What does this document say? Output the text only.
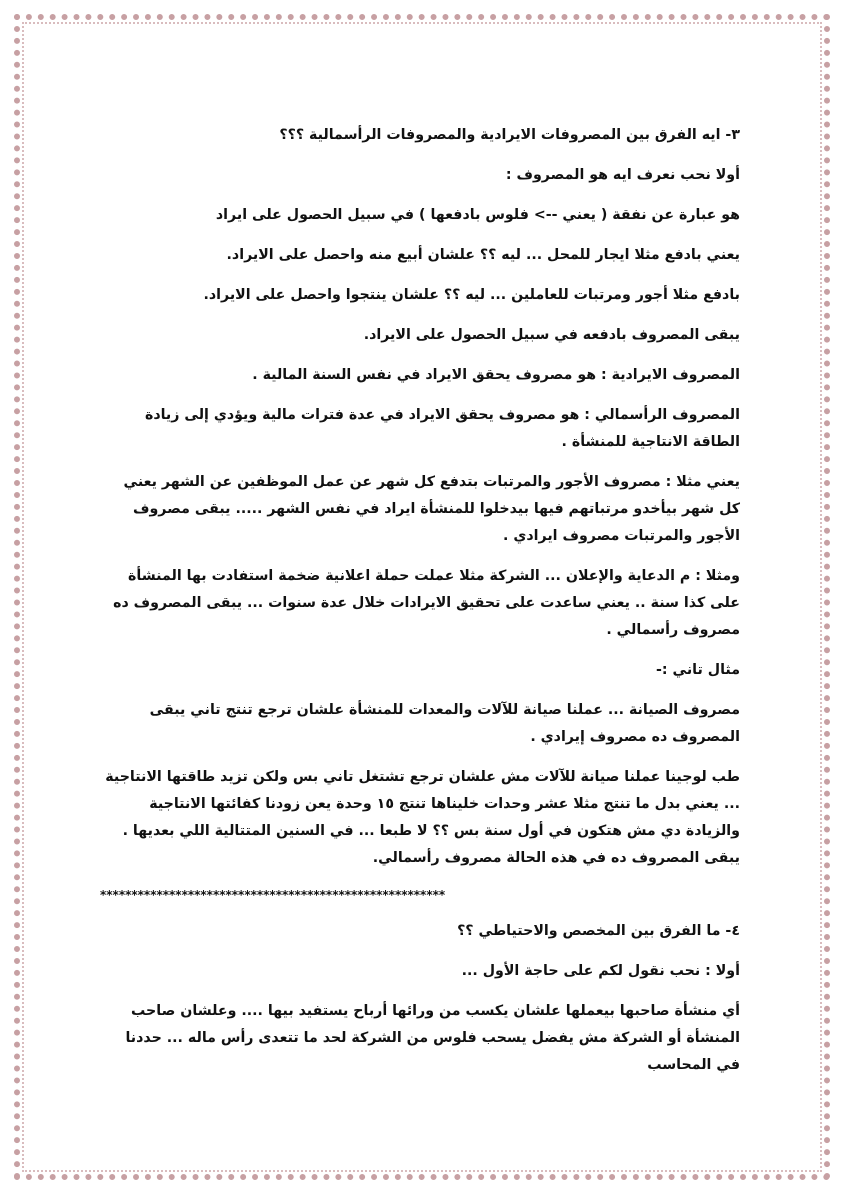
٣- ايه الفرق بين المصروفات الايرادية والمصروفات الرأسمالية ؟؟؟

أولا نحب نعرف ايه هو المصروف :

هو عبارة عن نفقة ( يعني --> فلوس بادفعها ) في سبيل الحصول على ايراد

يعني بادفع مثلا ايجار للمحل ... ليه ؟؟ علشان أبيع منه واحصل على الايراد.

بادفع مثلا أجور ومرتبات للعاملين ... ليه ؟؟ علشان ينتجوا واحصل على الايراد.

يبقى المصروف بادفعه في سبيل الحصول على الايراد.

المصروف الايرادية : هو مصروف يحقق الايراد في نفس السنة المالية .

المصروف الرأسمالي : هو مصروف يحقق الايراد في عدة فترات مالية ويؤدي إلى زيادة الطاقة الانتاجية للمنشأة .

يعني مثلا : مصروف الأجور والمرتبات بتدفع كل شهر عن عمل الموظفين عن الشهر يعني كل شهر بيأخدو مرتباتهم فيها بيدخلوا للمنشأة ايراد في نفس الشهر ..... يبقى مصروف الأجور والمرتبات مصروف ايرادي .

ومثلا : م الدعاية والإعلان ... الشركة مثلا عملت حملة اعلانية ضخمة استفادت بها المنشأة على كذا سنة .. يعني ساعدت على تحقيق الايرادات خلال عدة سنوات ... يبقى المصروف ده مصروف رأسمالي .

مثال تاني :-

مصروف الصيانة ... عملنا صيانة للآلات والمعدات للمنشأة علشان ترجع تنتج تاني يبقى المصروف ده مصروف إيرادي .

طب لوجينا عملنا صيانة للآلات مش علشان ترجع تشتغل تاني بس ولكن تزيد طاقتها الانتاجية ... يعني بدل ما تنتج مثلا عشر وحدات خليناها تنتج ١٥ وحدة يعن زودنا كفائتها الانتاجية والزيادة دي مش هتكون في أول سنة بس ؟؟ لا طبعا ... في السنين المتتالية اللي بعديها . يبقى المصروف ده في هذه الحالة مصروف رأسمالي.

*******************************************************

٤- ما الفرق بين المخصص والاحتياطي ؟؟

أولا : نحب نقول لكم على حاجة الأول ...

أي منشأة صاحبها بيعملها علشان يكسب من ورائها أرباح يستفيد بيها .... وعلشان صاحب المنشأة أو الشركة مش يفضل يسحب فلوس من الشركة لحد ما تتعدى رأس ماله ... حددنا في المحاسب
